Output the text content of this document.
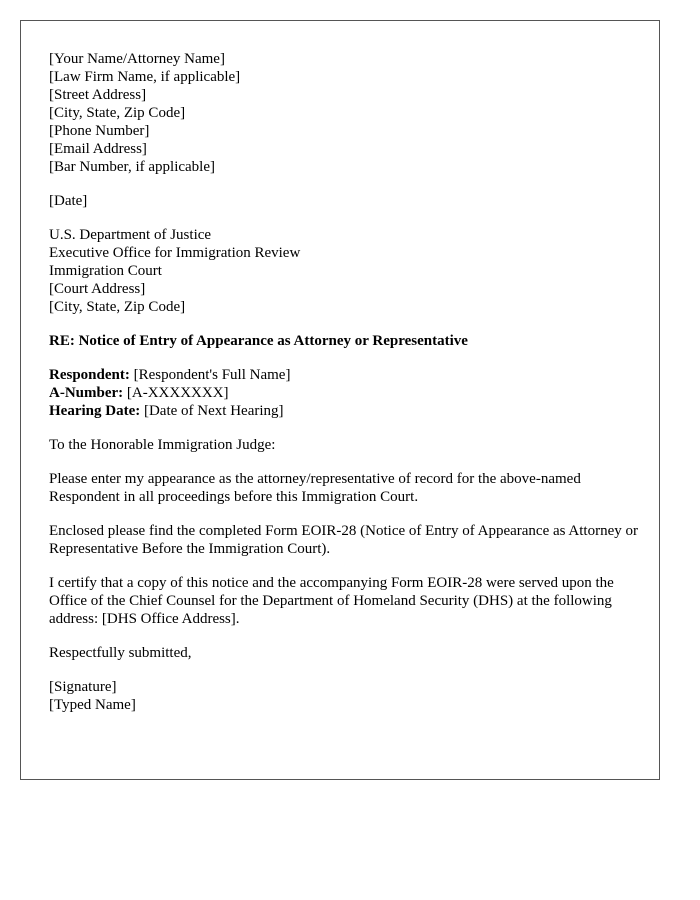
[Your Name/Attorney Name]
[Law Firm Name, if applicable]
[Street Address]
[City, State, Zip Code]
[Phone Number]
[Email Address]
[Bar Number, if applicable]
[Date]
U.S. Department of Justice
Executive Office for Immigration Review
Immigration Court
[Court Address]
[City, State, Zip Code]
RE: Notice of Entry of Appearance as Attorney or Representative
Respondent: [Respondent's Full Name]
A-Number: [A-XXXXXXX]
Hearing Date: [Date of Next Hearing]
To the Honorable Immigration Judge:
Please enter my appearance as the attorney/representative of record for the above-named Respondent in all proceedings before this Immigration Court.
Enclosed please find the completed Form EOIR-28 (Notice of Entry of Appearance as Attorney or Representative Before the Immigration Court).
I certify that a copy of this notice and the accompanying Form EOIR-28 were served upon the Office of the Chief Counsel for the Department of Homeland Security (DHS) at the following address: [DHS Office Address].
Respectfully submitted,
[Signature]
[Typed Name]
